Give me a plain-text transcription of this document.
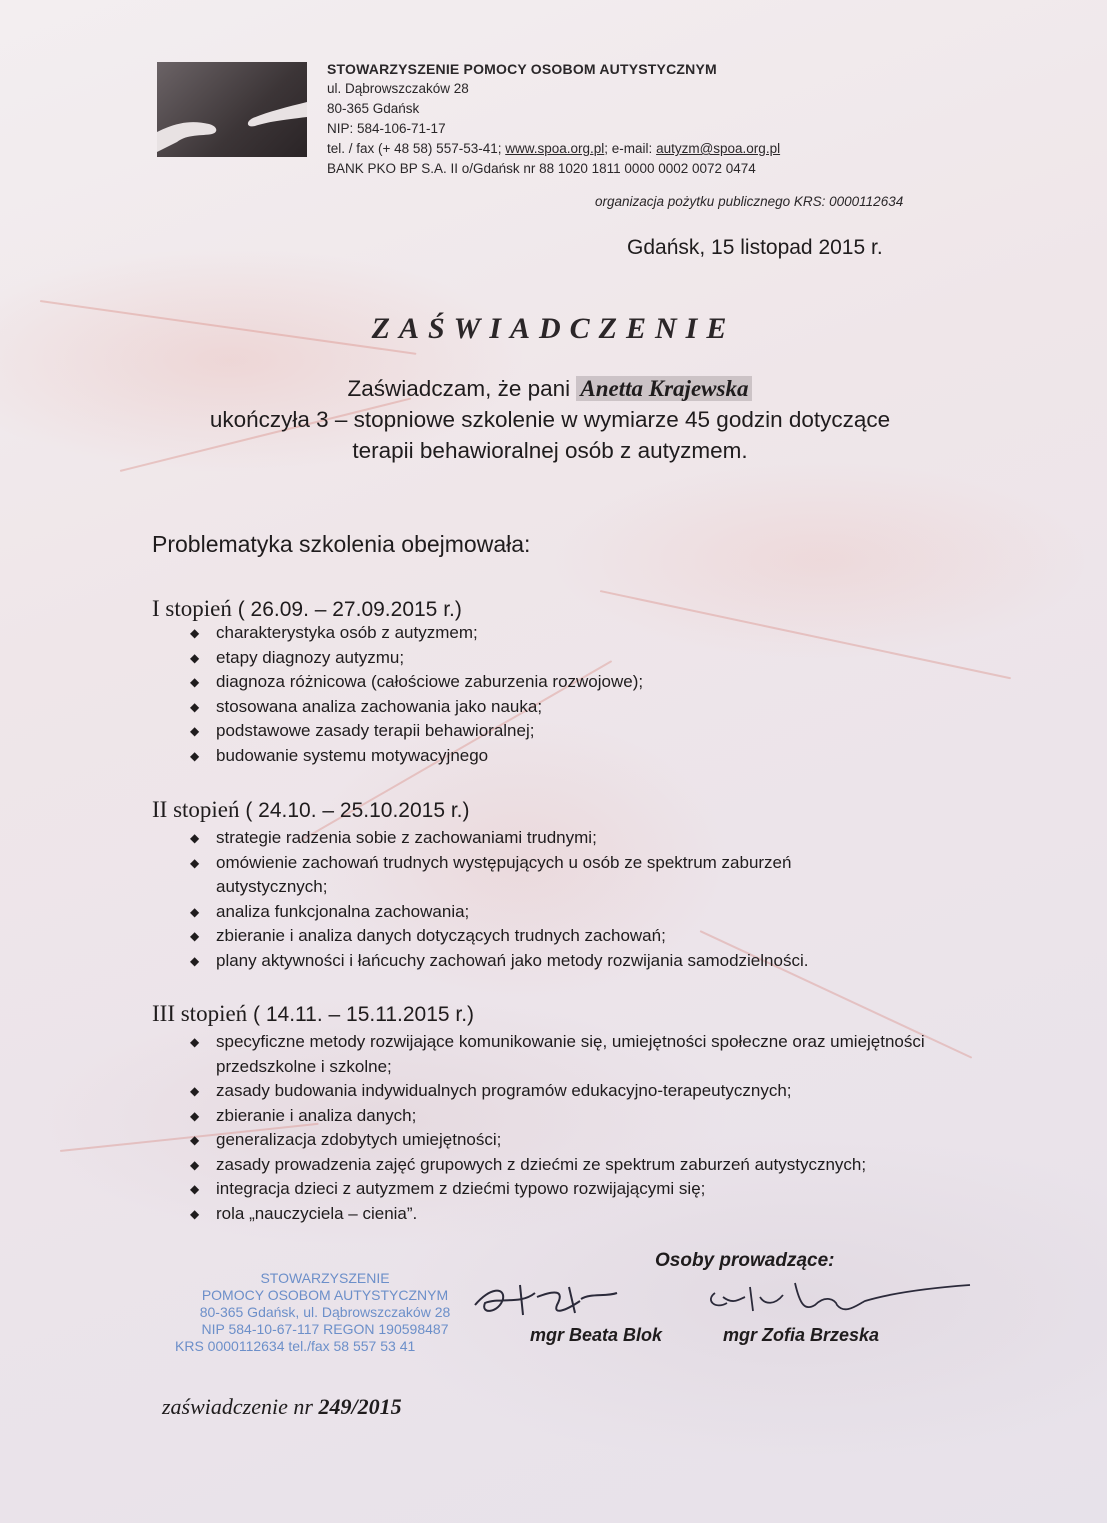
STOWARZYSZENIE POMOCY OSOBOM AUTYSTYCZNYM
ul. Dąbrowszczaków 28
80-365 Gdańsk
NIP: 584-106-71-17
tel. / fax (+ 48 58) 557-53-41; www.spoa.org.pl; e-mail: autyzm@spoa.org.pl
BANK PKO BP S.A. II o/Gdańsk nr 88 1020 1811 0000 0002 0072 0474
organizacja pożytku publicznego KRS: 0000112634
Gdańsk, 15 listopad 2015 r.
ZAŚWIADCZENIE
Zaświadczam, że pani Anetta Krajewska
ukończyła 3 – stopniowe szkolenie w wymiarze 45 godzin dotyczące
terapii behawioralnej osób z autyzmem.
Problematyka szkolenia obejmowała:
I stopień ( 26.09. – 27.09.2015 r.)
◆ charakterystyka osób z autyzmem;
◆ etapy diagnozy autyzmu;
◆ diagnoza różnicowa (całościowe zaburzenia rozwojowe);
◆ stosowana analiza zachowania jako nauka;
◆ podstawowe zasady terapii behawioralnej;
◆ budowanie systemu motywacyjnego
II stopień ( 24.10. – 25.10.2015 r.)
◆ strategie radzenia sobie z zachowaniami trudnymi;
◆ omówienie zachowań trudnych występujących u osób ze spektrum zaburzeń autystycznych;
◆ analiza funkcjonalna zachowania;
◆ zbieranie i analiza danych dotyczących trudnych zachowań;
◆ plany aktywności i łańcuchy zachowań jako metody rozwijania samodzielności.
III stopień ( 14.11. – 15.11.2015 r.)
◆ specyficzne metody rozwijające komunikowanie się, umiejętności społeczne oraz umiejętności przedszkolne i szkolne;
◆ zasady budowania indywidualnych programów edukacyjno-terapeutycznych;
◆ zbieranie i analiza danych;
◆ generalizacja zdobytych umiejętności;
◆ zasady prowadzenia zajęć grupowych z dziećmi ze spektrum zaburzeń autystycznych;
◆ integracja dzieci z autyzmem z dziećmi typowo rozwijającymi się;
◆ rola „nauczyciela – cienia”.
Osoby prowadzące:
STOWARZYSZENIE
POMOCY OSOBOM AUTYSTYCZNYM
80-365 Gdańsk, ul. Dąbrowszczaków 28
NIP 584-10-67-117 REGON 190598487
KRS 0000112634 tel./fax 58 557 53 41
mgr Beata Blok	mgr Zofia Brzeska
zaświadczenie nr 249/2015
